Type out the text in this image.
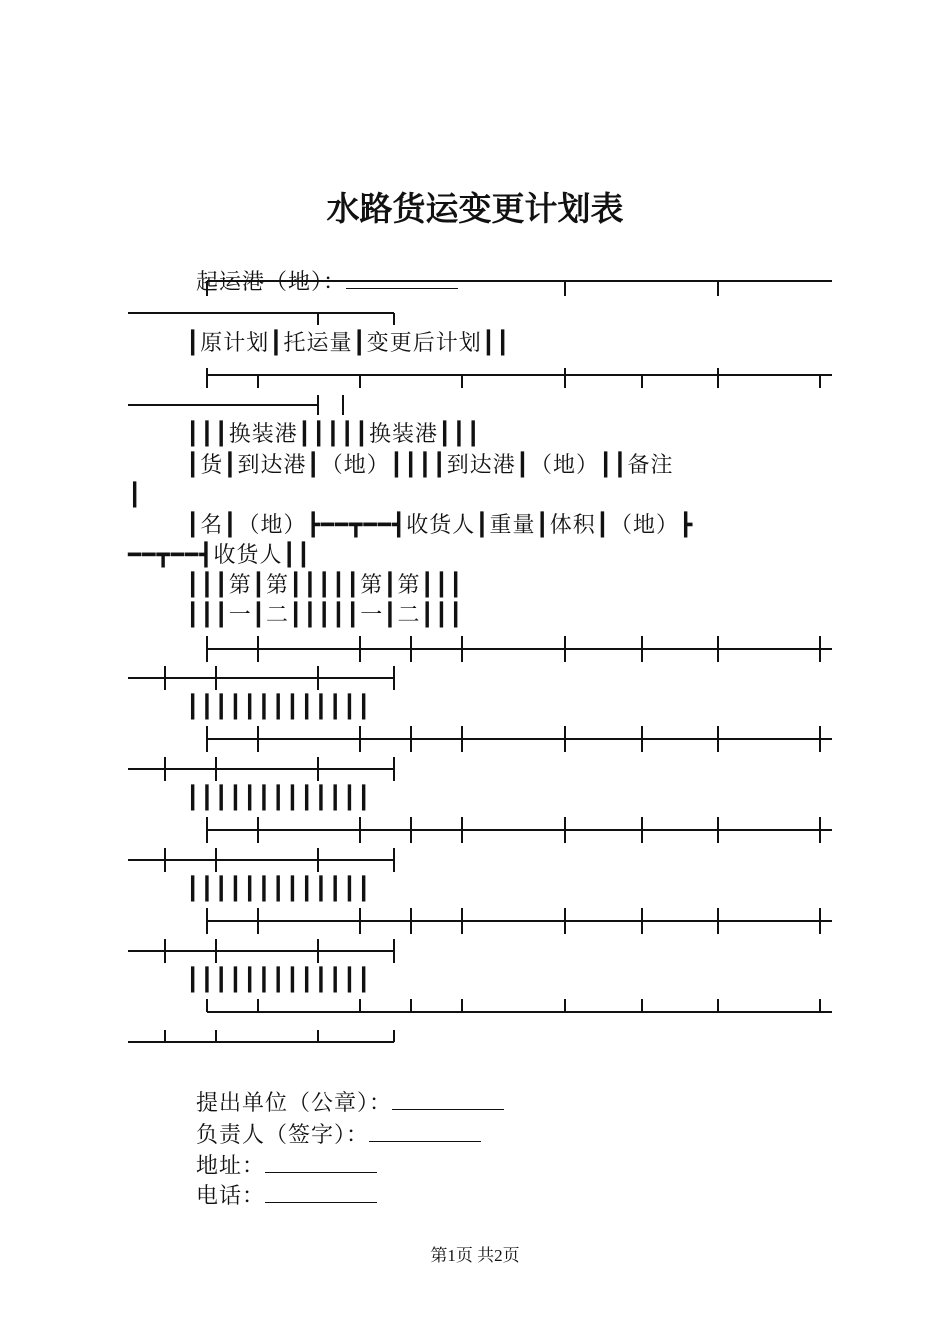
水路货运变更计划表

起运港（地）：

┃原计划┃托运量┃变更后计划┃┃
┃┃┃换装港┃┃┃┃┃换装港┃┃┃
┃货┃到达港┃（地）┃┃┃┃到达港┃（地）┃┃备注
┃
┃名┃（地）┣━━┳━━┫收货人┃重量┃体积┃（地）┣
━━┳━━┫收货人┃┃
┃┃┃第┃第┃┃┃┃┃第┃第┃┃┃
┃┃┃一┃二┃┃┃┃┃一┃二┃┃┃
┃┃┃┃┃┃┃┃┃┃┃┃┃
┃┃┃┃┃┃┃┃┃┃┃┃┃
┃┃┃┃┃┃┃┃┃┃┃┃┃
┃┃┃┃┃┃┃┃┃┃┃┃┃

提出单位（公章）：

负责人（签字）：

地址：

电话：

第1页 共2页
